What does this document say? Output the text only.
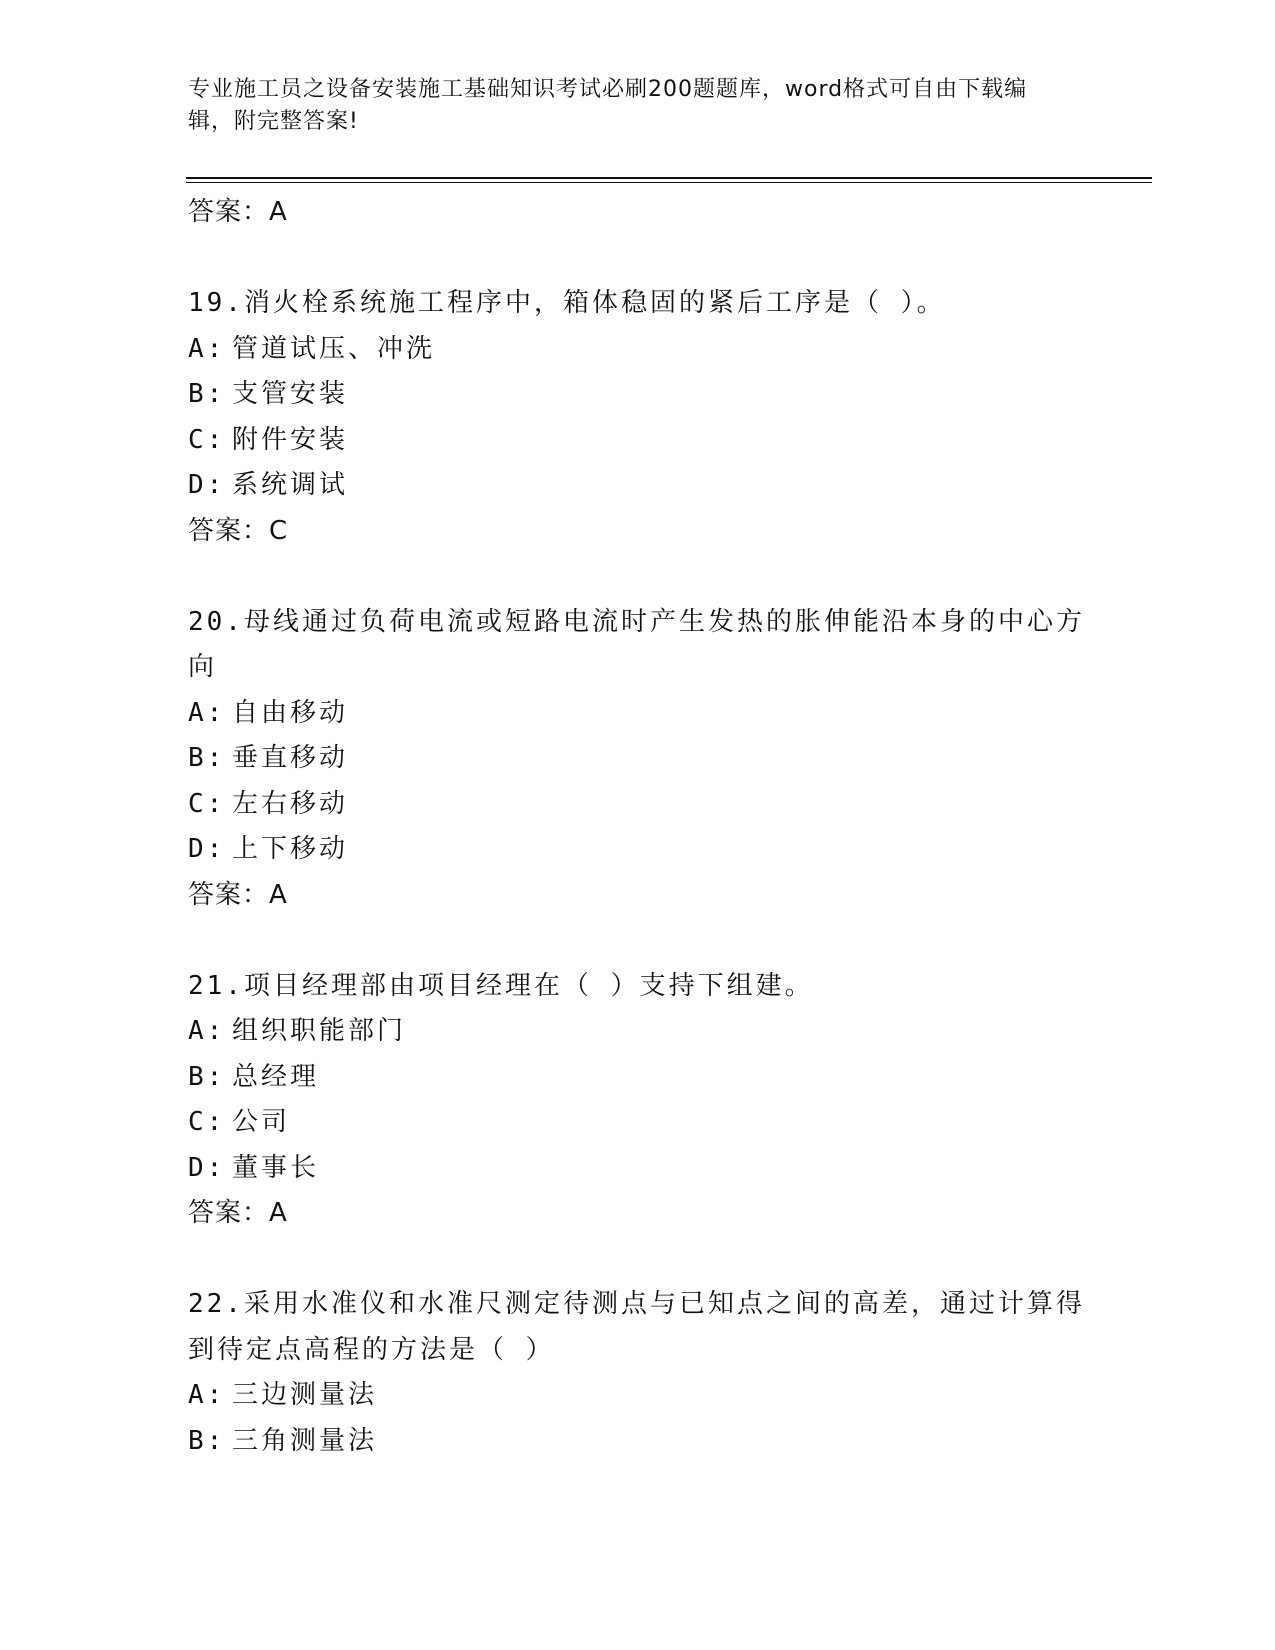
专业施工员之设备安装施工基础知识考试必刷200题题库，word格式可自由下载编辑，附完整答案!
答案：A
19.消火栓系统施工程序中，箱体稳固的紧后工序是（ ）。
A: 管道试压、冲洗
B: 支管安装
C: 附件安装
D: 系统调试
答案：C
20.母线通过负荷电流或短路电流时产生发热的胀伸能沿本身的中心方
向
A: 自由移动
B: 垂直移动
C: 左右移动
D: 上下移动
答案：A
21.项目经理部由项目经理在（ ）支持下组建。
A: 组织职能部门
B: 总经理
C: 公司
D: 董事长
答案：A
22.采用水准仪和水准尺测定待测点与已知点之间的高差，通过计算得
到待定点高程的方法是（ ）
A: 三边测量法
B: 三角测量法
